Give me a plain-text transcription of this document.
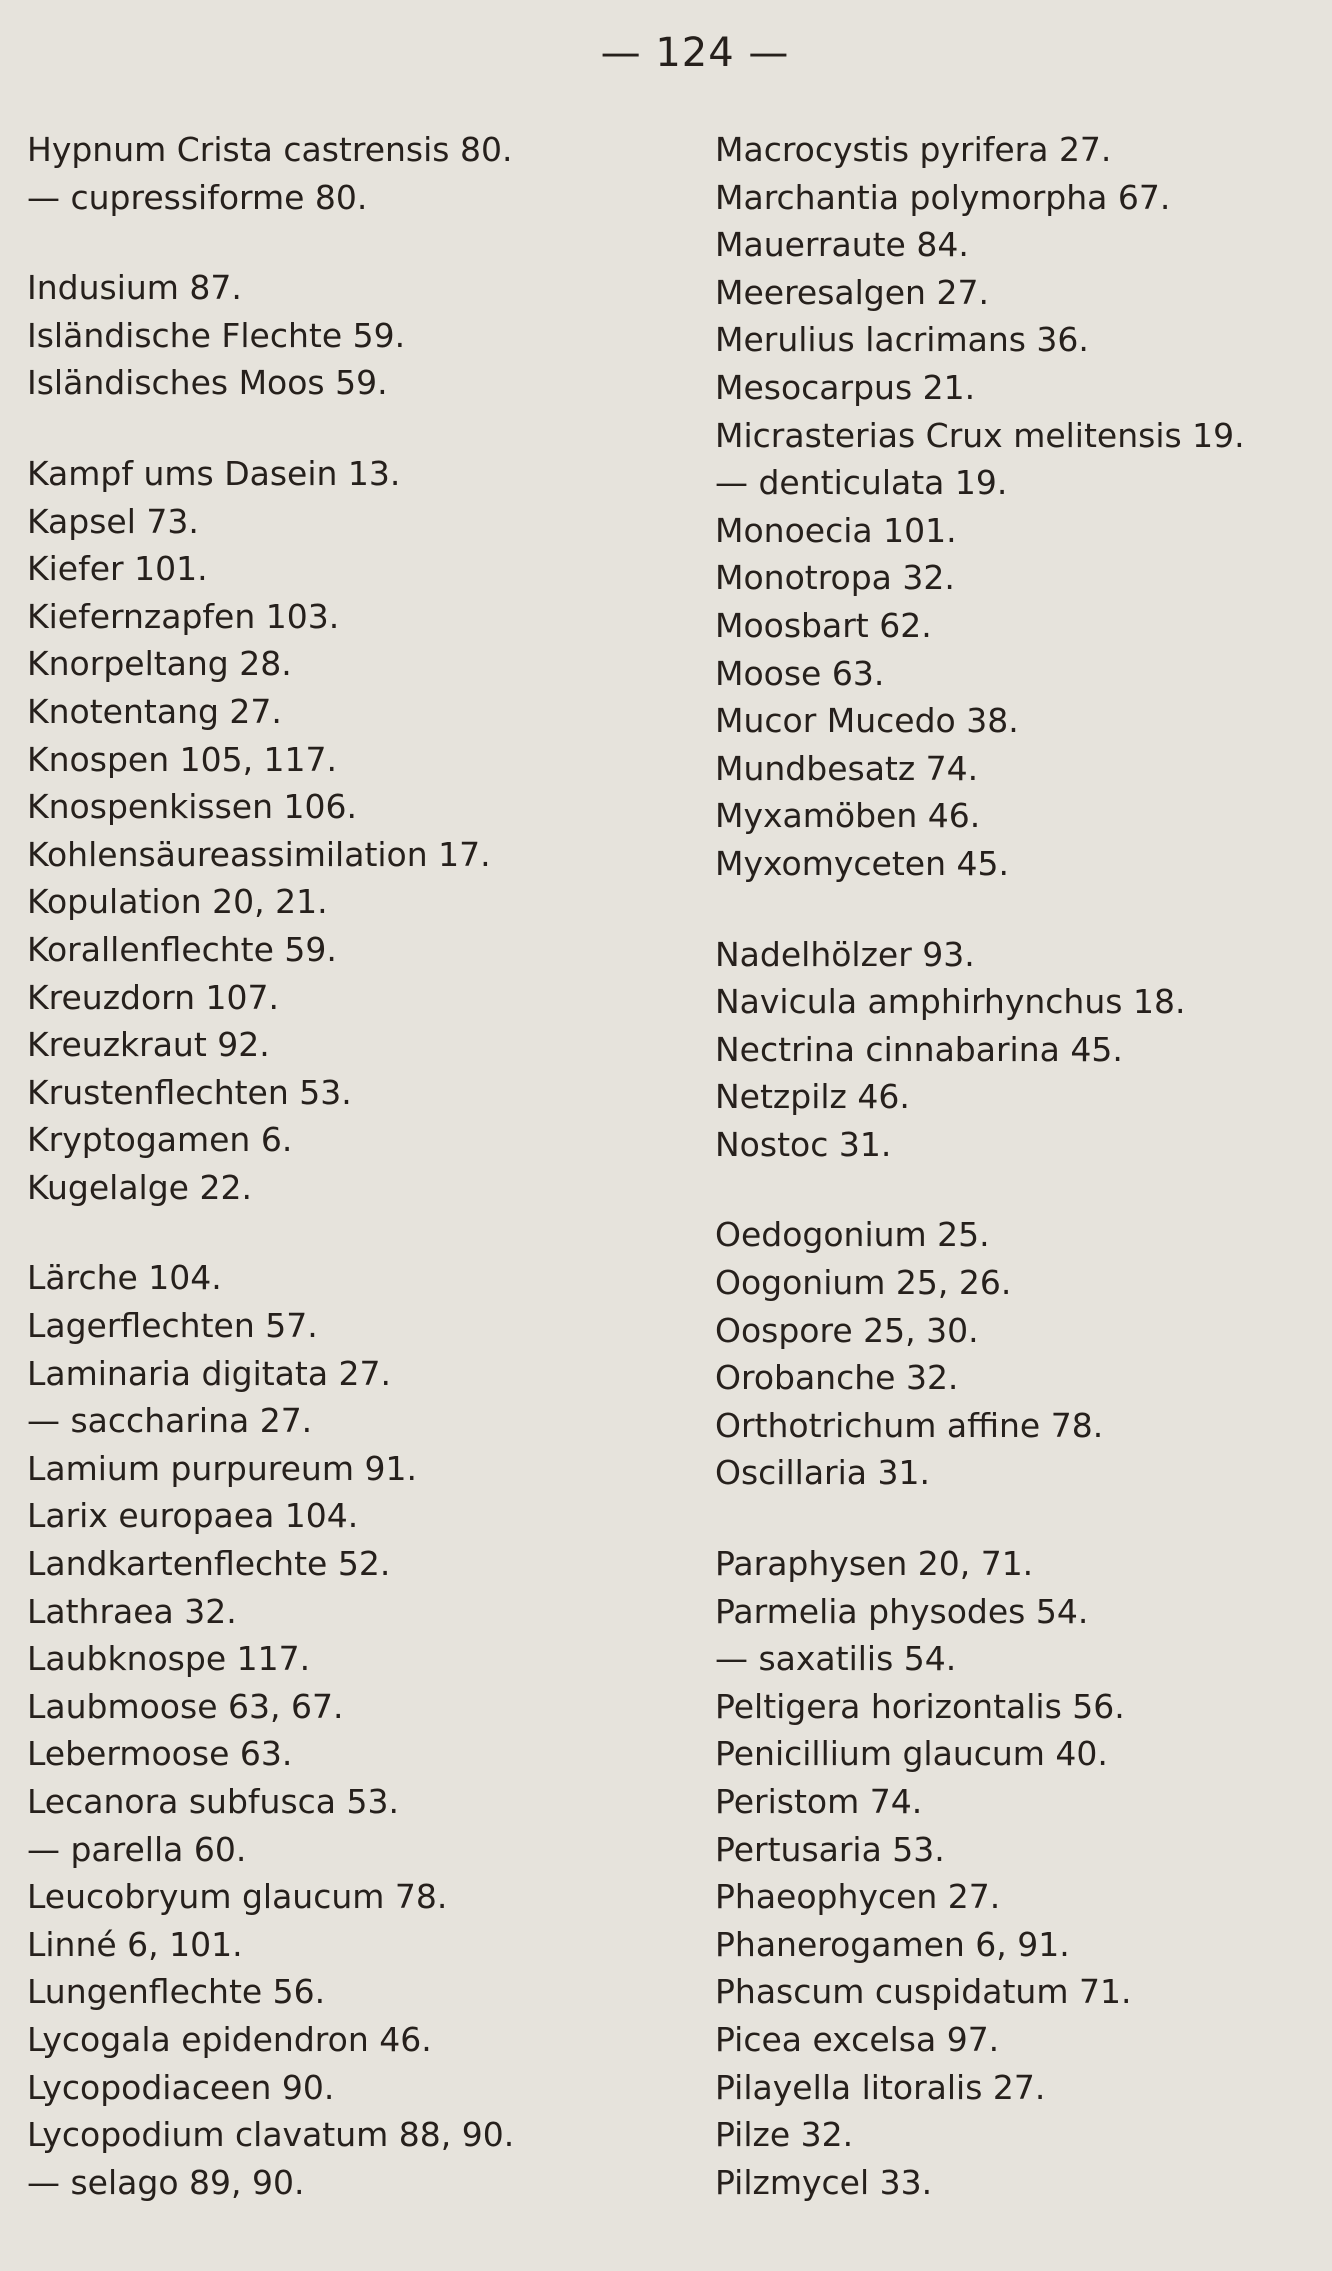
— 124 —
Hypnum Crista castrensis 80.
— cupressiforme 80.
Indusium 87.
Isländische Flechte 59.
Isländisches Moos 59.
Kampf ums Dasein 13.
Kapsel 73.
Kiefer 101.
Kiefernzapfen 103.
Knorpeltang 28.
Knotentang 27.
Knospen 105, 117.
Knospenkissen 106.
Kohlensäureassimilation 17.
Kopulation 20, 21.
Korallenflechte 59.
Kreuzdorn 107.
Kreuzkraut 92.
Krustenflechten 53.
Kryptogamen 6.
Kugelalge 22.
Lärche 104.
Lagerflechten 57.
Laminaria digitata 27.
— saccharina 27.
Lamium purpureum 91.
Larix europaea 104.
Landkartenflechte 52.
Lathraea 32.
Laubknospe 117.
Laubmoose 63, 67.
Lebermoose 63.
Lecanora subfusca 53.
— parella 60.
Leucobryum glaucum 78.
Linné 6, 101.
Lungenflechte 56.
Lycogala epidendron 46.
Lycopodiaceen 90.
Lycopodium clavatum 88, 90.
— selago 89, 90.
Macrocystis pyrifera 27.
Marchantia polymorpha 67.
Mauerraute 84.
Meeresalgen 27.
Merulius lacrimans 36.
Mesocarpus 21.
Micrasterias Crux melitensis 19.
— denticulata 19.
Monoecia 101.
Monotropa 32.
Moosbart 62.
Moose 63.
Mucor Mucedo 38.
Mundbesatz 74.
Myxamöben 46.
Myxomyceten 45.
Nadelhölzer 93.
Navicula amphirhynchus 18.
Nectrina cinnabarina 45.
Netzpilz 46.
Nostoc 31.
Oedogonium 25.
Oogonium 25, 26.
Oospore 25, 30.
Orobanche 32.
Orthotrichum affine 78.
Oscillaria 31.
Paraphysen 20, 71.
Parmelia physodes 54.
— saxatilis 54.
Peltigera horizontalis 56.
Penicillium glaucum 40.
Peristom 74.
Pertusaria 53.
Phaeophycen 27.
Phanerogamen 6, 91.
Phascum cuspidatum 71.
Picea excelsa 97.
Pilayella litoralis 27.
Pilze 32.
Pilzmycel 33.
